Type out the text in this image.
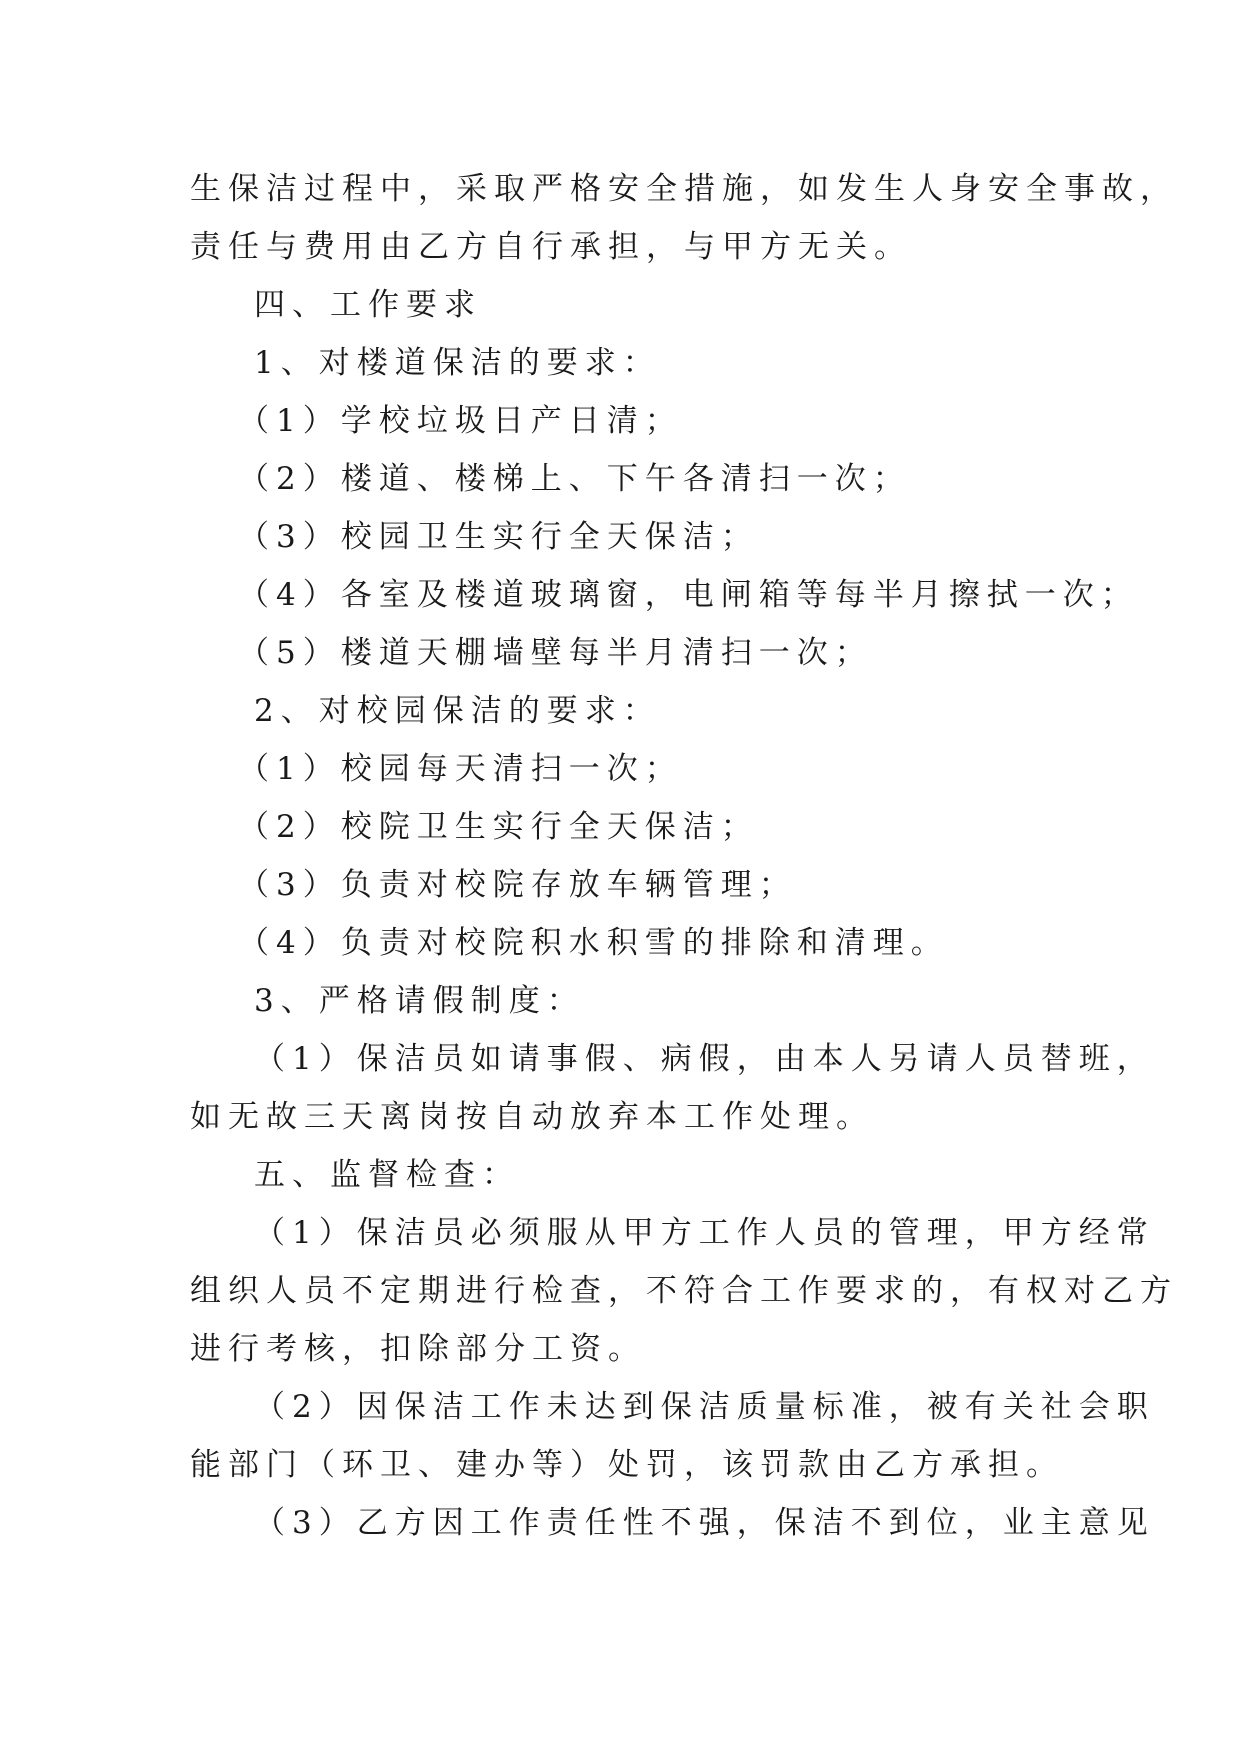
生保洁过程中，采取严格安全措施，如发生人身安全事故，
责任与费用由乙方自行承担，与甲方无关。
四、工作要求
1、对楼道保洁的要求：
（1）学校垃圾日产日清；
（2）楼道、楼梯上、下午各清扫一次；
（3）校园卫生实行全天保洁；
（4）各室及楼道玻璃窗，电闸箱等每半月擦拭一次；
（5）楼道天棚墙壁每半月清扫一次；
2、对校园保洁的要求：
（1）校园每天清扫一次；
（2）校院卫生实行全天保洁；
（3）负责对校院存放车辆管理；
（4）负责对校院积水积雪的排除和清理。
3、严格请假制度：
（1）保洁员如请事假、病假，由本人另请人员替班，
如无故三天离岗按自动放弃本工作处理。
五、监督检查：
（1）保洁员必须服从甲方工作人员的管理，甲方经常
组织人员不定期进行检查，不符合工作要求的，有权对乙方
进行考核，扣除部分工资。
（2）因保洁工作未达到保洁质量标准，被有关社会职
能部门（环卫、建办等）处罚，该罚款由乙方承担。
（3）乙方因工作责任性不强，保洁不到位，业主意见
